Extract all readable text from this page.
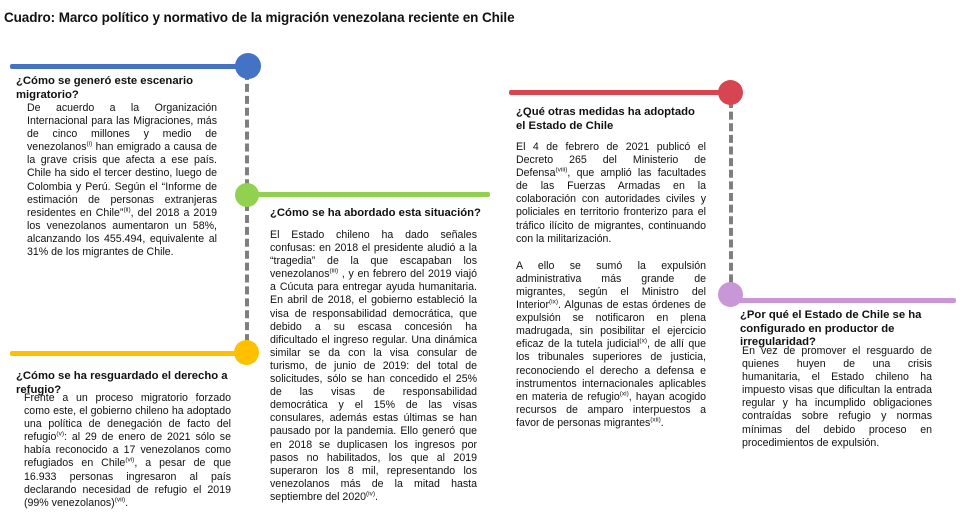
Cuadro: Marco político y normativo de la migración venezolana reciente en Chile
¿Cómo se generó este escenario migratorio?
De acuerdo a la Organización Internacional para las Migraciones, más de cinco millones y medio de venezolanos$^{(i)}$ han emigrado a causa de la grave crisis que afecta a ese país. Chile ha sido el tercer destino, luego de Colombia y Perú. Según el “Informe de estimación de personas extranjeras residentes en Chile”$^{(ii)}$, del 2018 a 2019 los venezolanos aumentaron un 58%, alcanzando los 455.494, equivalente al 31% de los migrantes de Chile.
¿Cómo se ha abordado esta situación?
El Estado chileno ha dado señales confusas: en 2018 el presidente aludió a la “tragedia” de la que escapaban los venezolanos$^{(iii)}$ , y en febrero del 2019 viajó a Cúcuta para entregar ayuda humanitaria. En abril de 2018, el gobierno estableció la visa de responsabilidad democrática, que debido a su escasa concesión ha dificultado el ingreso regular. Una dinámica similar se da con la visa consular de turismo, de junio de 2019: del total de solicitudes, sólo se han concedido el 25% de las visas de responsabilidad democrática y el 15% de las visas consulares, además estas últimas se han pausado por la pandemia. Ello generó que en 2018 se duplicasen los ingresos por pasos no habilitados, los que al 2019 superaron los 8 mil, representando los venezolanos más de la mitad hasta septiembre del 2020$^{(iv)}$.
¿Cómo se ha resguardado el derecho a refugio?
Frente a un proceso migratorio forzado como este, el gobierno chileno ha adoptado una política de denegación de facto del refugio$^{(v)}$: al 29 de enero de 2021 sólo se había reconocido a 17 venezolanos como refugiados en Chile$^{(vi)}$, a pesar de que 16.933 personas ingresaron al país declarando necesidad de refugio el 2019 (99% venezolanos)$^{(vii)}$.
¿Qué otras medidas ha adoptado el Estado de Chile

El 4 de febrero de 2021 publicó el Decreto 265 del Ministerio de Defensa$^{(viii)}$, que amplió las facultades de las Fuerzas Armadas en la colaboración con autoridades civiles y policiales en territorio fronterizo para el tráfico ilícito de migrantes, continuando con la militarización.

A ello se sumó la expulsión administrativa más grande de migrantes, según el Ministro del Interior$^{(ix)}$. Algunas de estas órdenes de expulsión se notificaron en plena madrugada, sin posibilitar el ejercicio eficaz de la tutela judicial$^{(x)}$, de allí que los tribunales superiores de justicia, reconociendo el derecho a defensa e instrumentos internacionales aplicables en materia de refugio$^{(xi)}$, hayan acogido recursos de amparo interpuestos a favor de personas migrantes$^{(xii)}$.

¿Por qué el Estado de Chile se ha configurado en productor de irregularidad?
En vez de promover el resguardo de quienes huyen de una crisis humanitaria, el Estado chileno ha impuesto visas que dificultan la entrada regular y ha incumplido obligaciones contraídas sobre refugio y normas mínimas del debido proceso en procedimientos de expulsión.
